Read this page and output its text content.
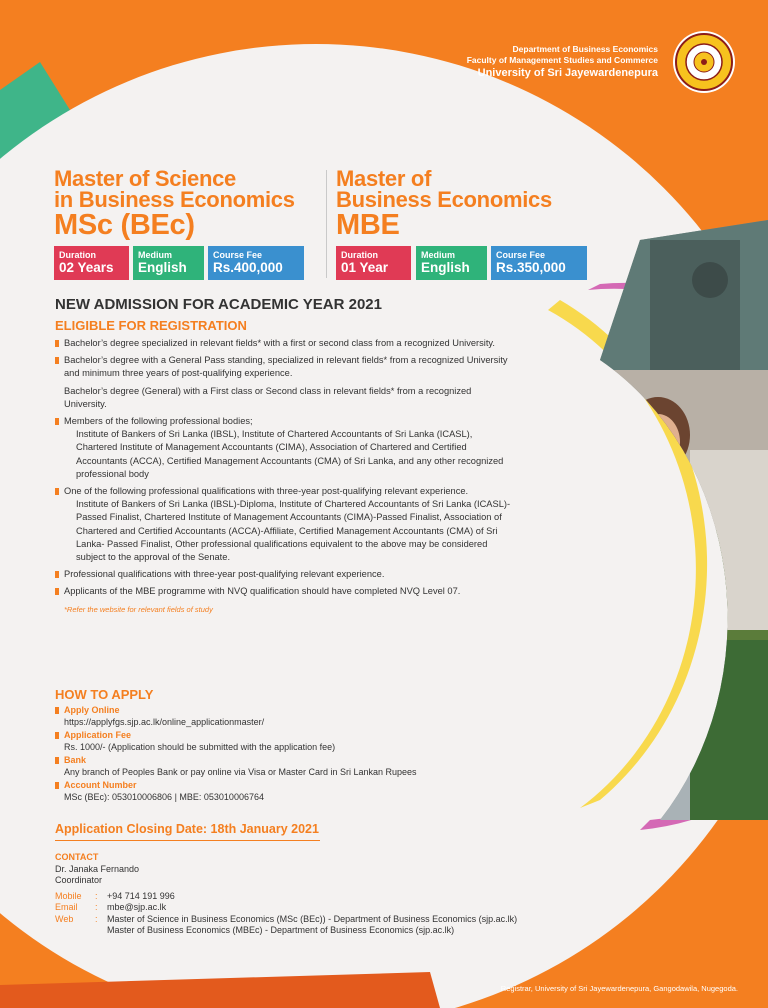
Department of Business Economics
Faculty of Management Studies and Commerce
University of Sri Jayewardenepura
Master of Science
in Business Economics
MSc (BEc)
Duration
02 Years
Medium
English
Course Fee
Rs.400,000
Master of
Business Economics
MBE
Duration
01 Year
Medium
English
Course Fee
Rs.350,000
NEW ADMISSION FOR ACADEMIC YEAR 2021
ELIGIBLE FOR REGISTRATION
Bachelor’s degree specialized in relevant fields* with a first or second class from a recognized University.
Bachelor’s degree with a General Pass standing, specialized in relevant fields* from a recognized University and minimum three years of post-qualifying experience.
Bachelor’s degree (General) with a First class or Second class in relevant fields* from a recognized University.
Members of the following professional bodies;
Institute of Bankers of Sri Lanka (IBSL), Institute of Chartered Accountants of Sri Lanka (ICASL), Chartered Institute of Management Accountants (CIMA), Association of Chartered and Certified Accountants (ACCA), Certified Management Accountants (CMA) of Sri Lanka, and any other recognized professional body
One of the following professional qualifications with three-year post-qualifying relevant experience.
Institute of Bankers of Sri Lanka (IBSL)-Diploma, Institute of Chartered Accountants of Sri Lanka (ICASL)- Passed Finalist, Chartered Institute of Management Accountants (CIMA)-Passed Finalist, Association of Chartered and Certified Accountants (ACCA)-Affiliate, Certified Management Accountants (CMA) of Sri Lanka- Passed Finalist, Other professional qualifications equivalent to the above may be considered subject to the approval of the Senate.
Professional qualifications with three-year post-qualifying relevant experience.
Applicants of the MBE programme with NVQ qualification should have completed NVQ Level 07.
*Refer the website for relevant fields of study
HOW TO APPLY
Apply Online
https://applyfgs.sjp.ac.lk/online_applicationmaster/
Application Fee
Rs. 1000/- (Application should be submitted with the application fee)
Bank
Any branch of Peoples Bank or pay online via Visa or Master Card in Sri Lankan Rupees
Account Number
MSc (BEc): 053010006806 | MBE: 053010006764
Application Closing Date: 18th January 2021
CONTACT
Dr. Janaka Fernando
Coordinator
Mobile : +94 714 191 996
Email : mbe@sjp.ac.lk
Web : Master of Science in Business Economics (MSc (BEc)) - Department of Business Economics (sjp.ac.lk)
Master of Business Economics (MBEc) - Department of Business Economics (sjp.ac.lk)
Registrar, University of Sri Jayewardenepura, Gangodawila, Nugegoda.
